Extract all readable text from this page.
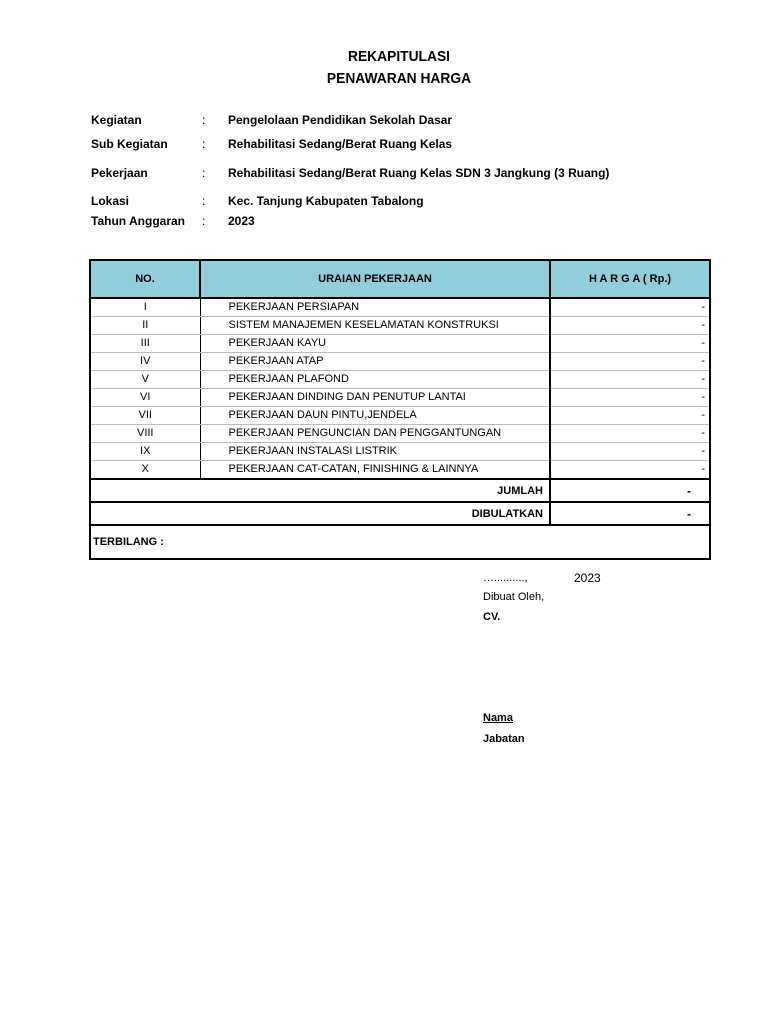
REKAPITULASI
PENAWARAN HARGA
Kegiatan	: Pengelolaan Pendidikan Sekolah Dasar
Sub Kegiatan	: Rehabilitasi Sedang/Berat Ruang Kelas
Pekerjaan	: Rehabilitasi Sedang/Berat Ruang Kelas SDN 3 Jangkung (3 Ruang)
Lokasi	: Kec. Tanjung Kabupaten Tabalong
Tahun Anggaran : 2023
NO.	URAIAN PEKERJAAN	H A R G A ( Rp.)
I	PEKERJAAN PERSIAPAN	-
II	SISTEM MANAJEMEN KESELAMATAN KONSTRUKSI	-
III	PEKERJAAN KAYU	-
IV	PEKERJAAN ATAP	-
V	PEKERJAAN PLAFOND	-
VI	PEKERJAAN DINDING DAN PENUTUP LANTAI	-
VII	PEKERJAAN DAUN PINTU,JENDELA	-
VIII	PEKERJAAN PENGUNCIAN DAN PENGGANTUNGAN	-
IX	PEKERJAAN INSTALASI LISTRIK	-
X	PEKERJAAN CAT-CATAN, FINISHING & LAINNYA	-
JUMLAH		-
DIBULATKAN		-
TERBILANG :		
…..........,	2023
Dibuat Oleh,
CV.
Nama
Jabatan
